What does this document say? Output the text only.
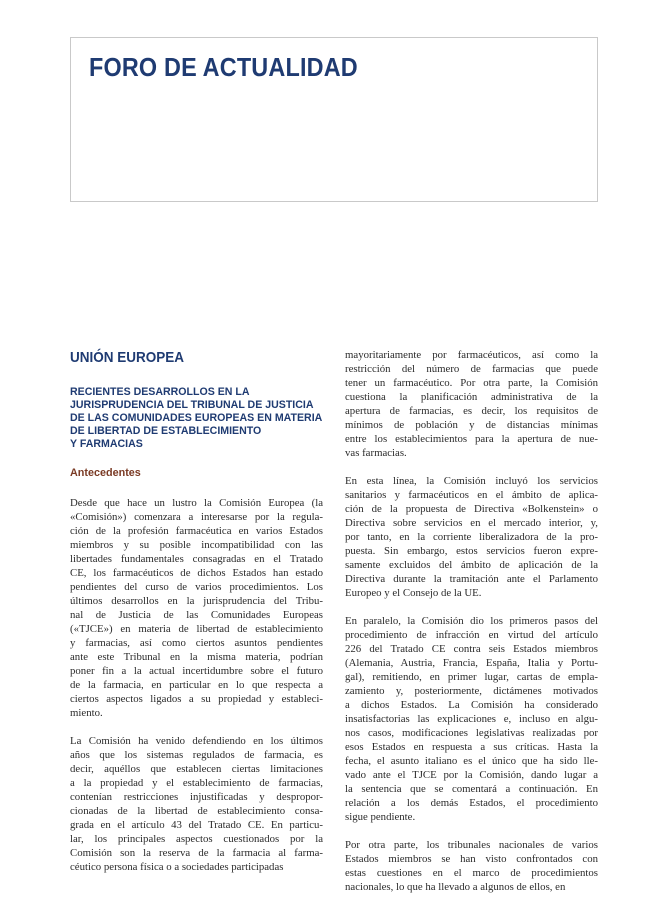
FORO DE ACTUALIDAD
UNIÓN EUROPEA
RECIENTES DESARROLLOS EN LA
JURISPRUDENCIA DEL TRIBUNAL DE JUSTICIA
DE LAS COMUNIDADES EUROPEAS EN MATERIA
DE LIBERTAD DE ESTABLECIMIENTO
Y FARMACIAS
Antecedentes

Desde que hace un lustro la Comisión Europea (la
«Comisión») comenzara a interesarse por la regula-
ción de la profesión farmacéutica en varios Estados
miembros y su posible incompatibilidad con las
libertades fundamentales consagradas en el Tratado
CE, los farmacéuticos de dichos Estados han estado
pendientes del curso de varios procedimientos. Los
últimos desarrollos en la jurisprudencia del Tribu-
nal de Justicia de las Comunidades Europeas
(«TJCE») en materia de libertad de establecimiento
y farmacias, así como ciertos asuntos pendientes
ante este Tribunal en la misma materia, podrían
poner fin a la actual incertidumbre sobre el futuro
de la farmacia, en particular en lo que respecta a
ciertos aspectos ligados a su propiedad y estableci-
miento.

La Comisión ha venido defendiendo en los últimos
años que los sistemas regulados de farmacia, es
decir, aquéllos que establecen ciertas limitaciones
a la propiedad y el establecimiento de farmacias,
contenían restricciones injustificadas y despropor-
cionadas de la libertad de establecimiento consa-
grada en el artículo 43 del Tratado CE. En particu-
lar, los principales aspectos cuestionados por la
Comisión son la reserva de la farmacia al farma-
céutico persona física o a sociedades participadas

mayoritariamente por farmacéuticos, así como la
restricción del número de farmacias que puede
tener un farmacéutico. Por otra parte, la Comisión
cuestiona la planificación administrativa de la
apertura de farmacias, es decir, los requisitos de
mínimos de población y de distancias mínimas
entre los establecimientos para la apertura de nue-
vas farmacias.

En esta línea, la Comisión incluyó los servicios
sanitarios y farmacéuticos en el ámbito de aplica-
ción de la propuesta de Directiva «Bolkenstein» o
Directiva sobre servicios en el mercado interior, y,
por tanto, en la corriente liberalizadora de la pro-
puesta. Sin embargo, estos servicios fueron expre-
samente excluidos del ámbito de aplicación de la
Directiva durante la tramitación ante el Parlamento
Europeo y el Consejo de la UE.

En paralelo, la Comisión dio los primeros pasos del
procedimiento de infracción en virtud del artículo
226 del Tratado CE contra seis Estados miembros
(Alemania, Austria, Francia, España, Italia y Portu-
gal), remitiendo, en primer lugar, cartas de empla-
zamiento y, posteriormente, dictámenes motivados
a dichos Estados. La Comisión ha considerado
insatisfactorias las explicaciones e, incluso en algu-
nos casos, modificaciones legislativas realizadas por
esos Estados en respuesta a sus críticas. Hasta la
fecha, el asunto italiano es el único que ha sido lle-
vado ante el TJCE por la Comisión, dando lugar a
la sentencia que se comentará a continuación. En
relación a los demás Estados, el procedimiento
sigue pendiente.

Por otra parte, los tribunales nacionales de varios
Estados miembros se han visto confrontados con
estas cuestiones en el marco de procedimientos
nacionales, lo que ha llevado a algunos de ellos, en
